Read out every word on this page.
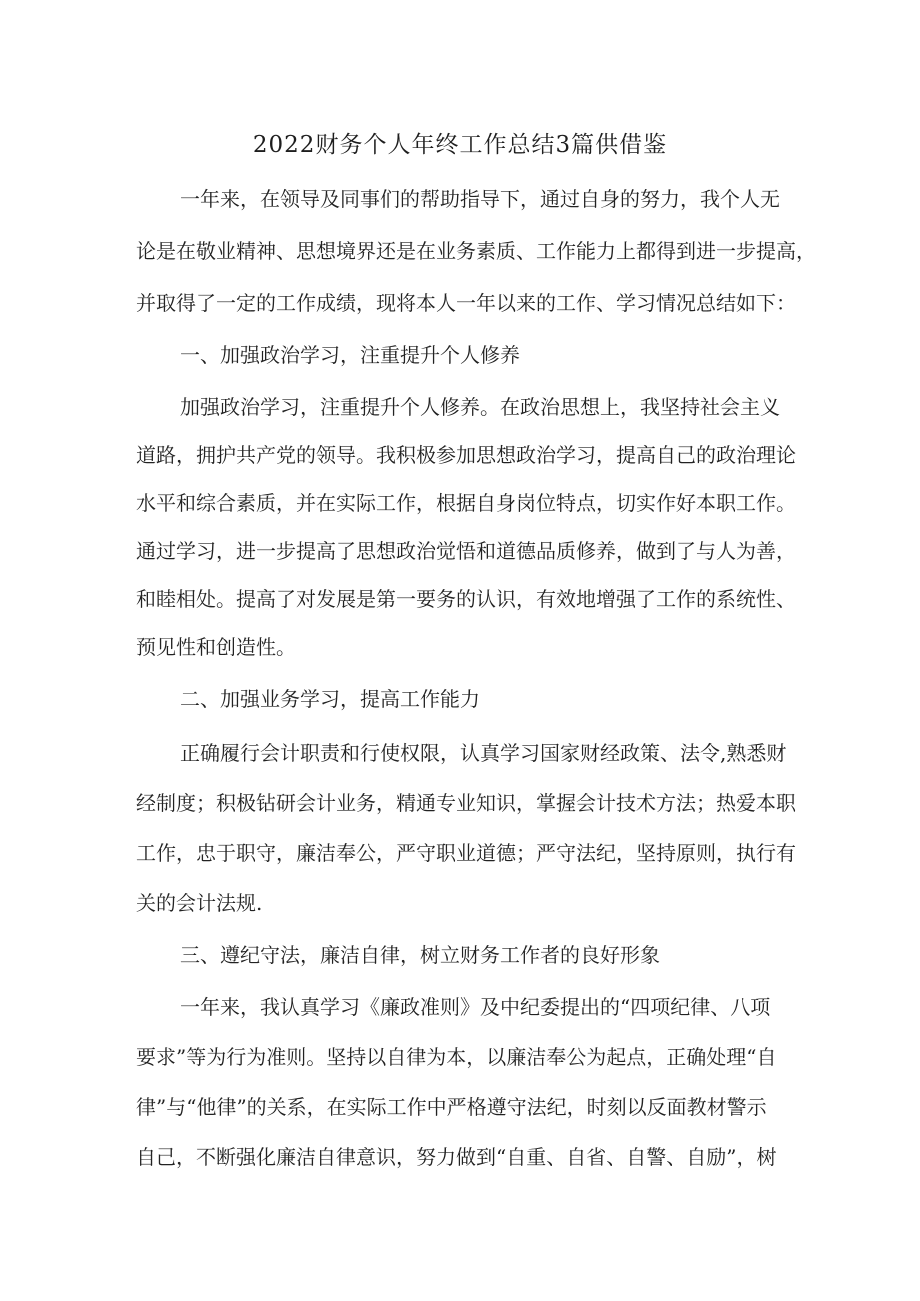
2022财务个人年终工作总结3篇供借鉴
一年来，在领导及同事们的帮助指导下，通过自身的努力，我个人无
论是在敬业精神、思想境界还是在业务素质、工作能力上都得到进一步提高，
并取得了一定的工作成绩，现将本人一年以来的工作、学习情况总结如下：
一、加强政治学习，注重提升个人修养
加强政治学习，注重提升个人修养。在政治思想上，我坚持社会主义
道路，拥护共产党的领导。我积极参加思想政治学习，提高自己的政治理论
水平和综合素质，并在实际工作，根据自身岗位特点，切实作好本职工作。
通过学习，进一步提高了思想政治觉悟和道德品质修养，做到了与人为善，
和睦相处。提高了对发展是第一要务的认识，有效地增强了工作的系统性、
预见性和创造性。
二、加强业务学习，提高工作能力
正确履行会计职责和行使权限，认真学习国家财经政策、法令,熟悉财
经制度；积极钻研会计业务，精通专业知识，掌握会计技术方法；热爱本职
工作，忠于职守，廉洁奉公，严守职业道德；严守法纪，坚持原则，执行有
关的会计法规.
三、遵纪守法，廉洁自律，树立财务工作者的良好形象
一年来，我认真学习《廉政准则》及中纪委提出的“四项纪律、八项
要求”等为行为准则。坚持以自律为本，以廉洁奉公为起点，正确处理“自
律”与“他律”的关系，在实际工作中严格遵守法纪，时刻以反面教材警示
自己，不断强化廉洁自律意识，努力做到“自重、自省、自警、自励”，树
